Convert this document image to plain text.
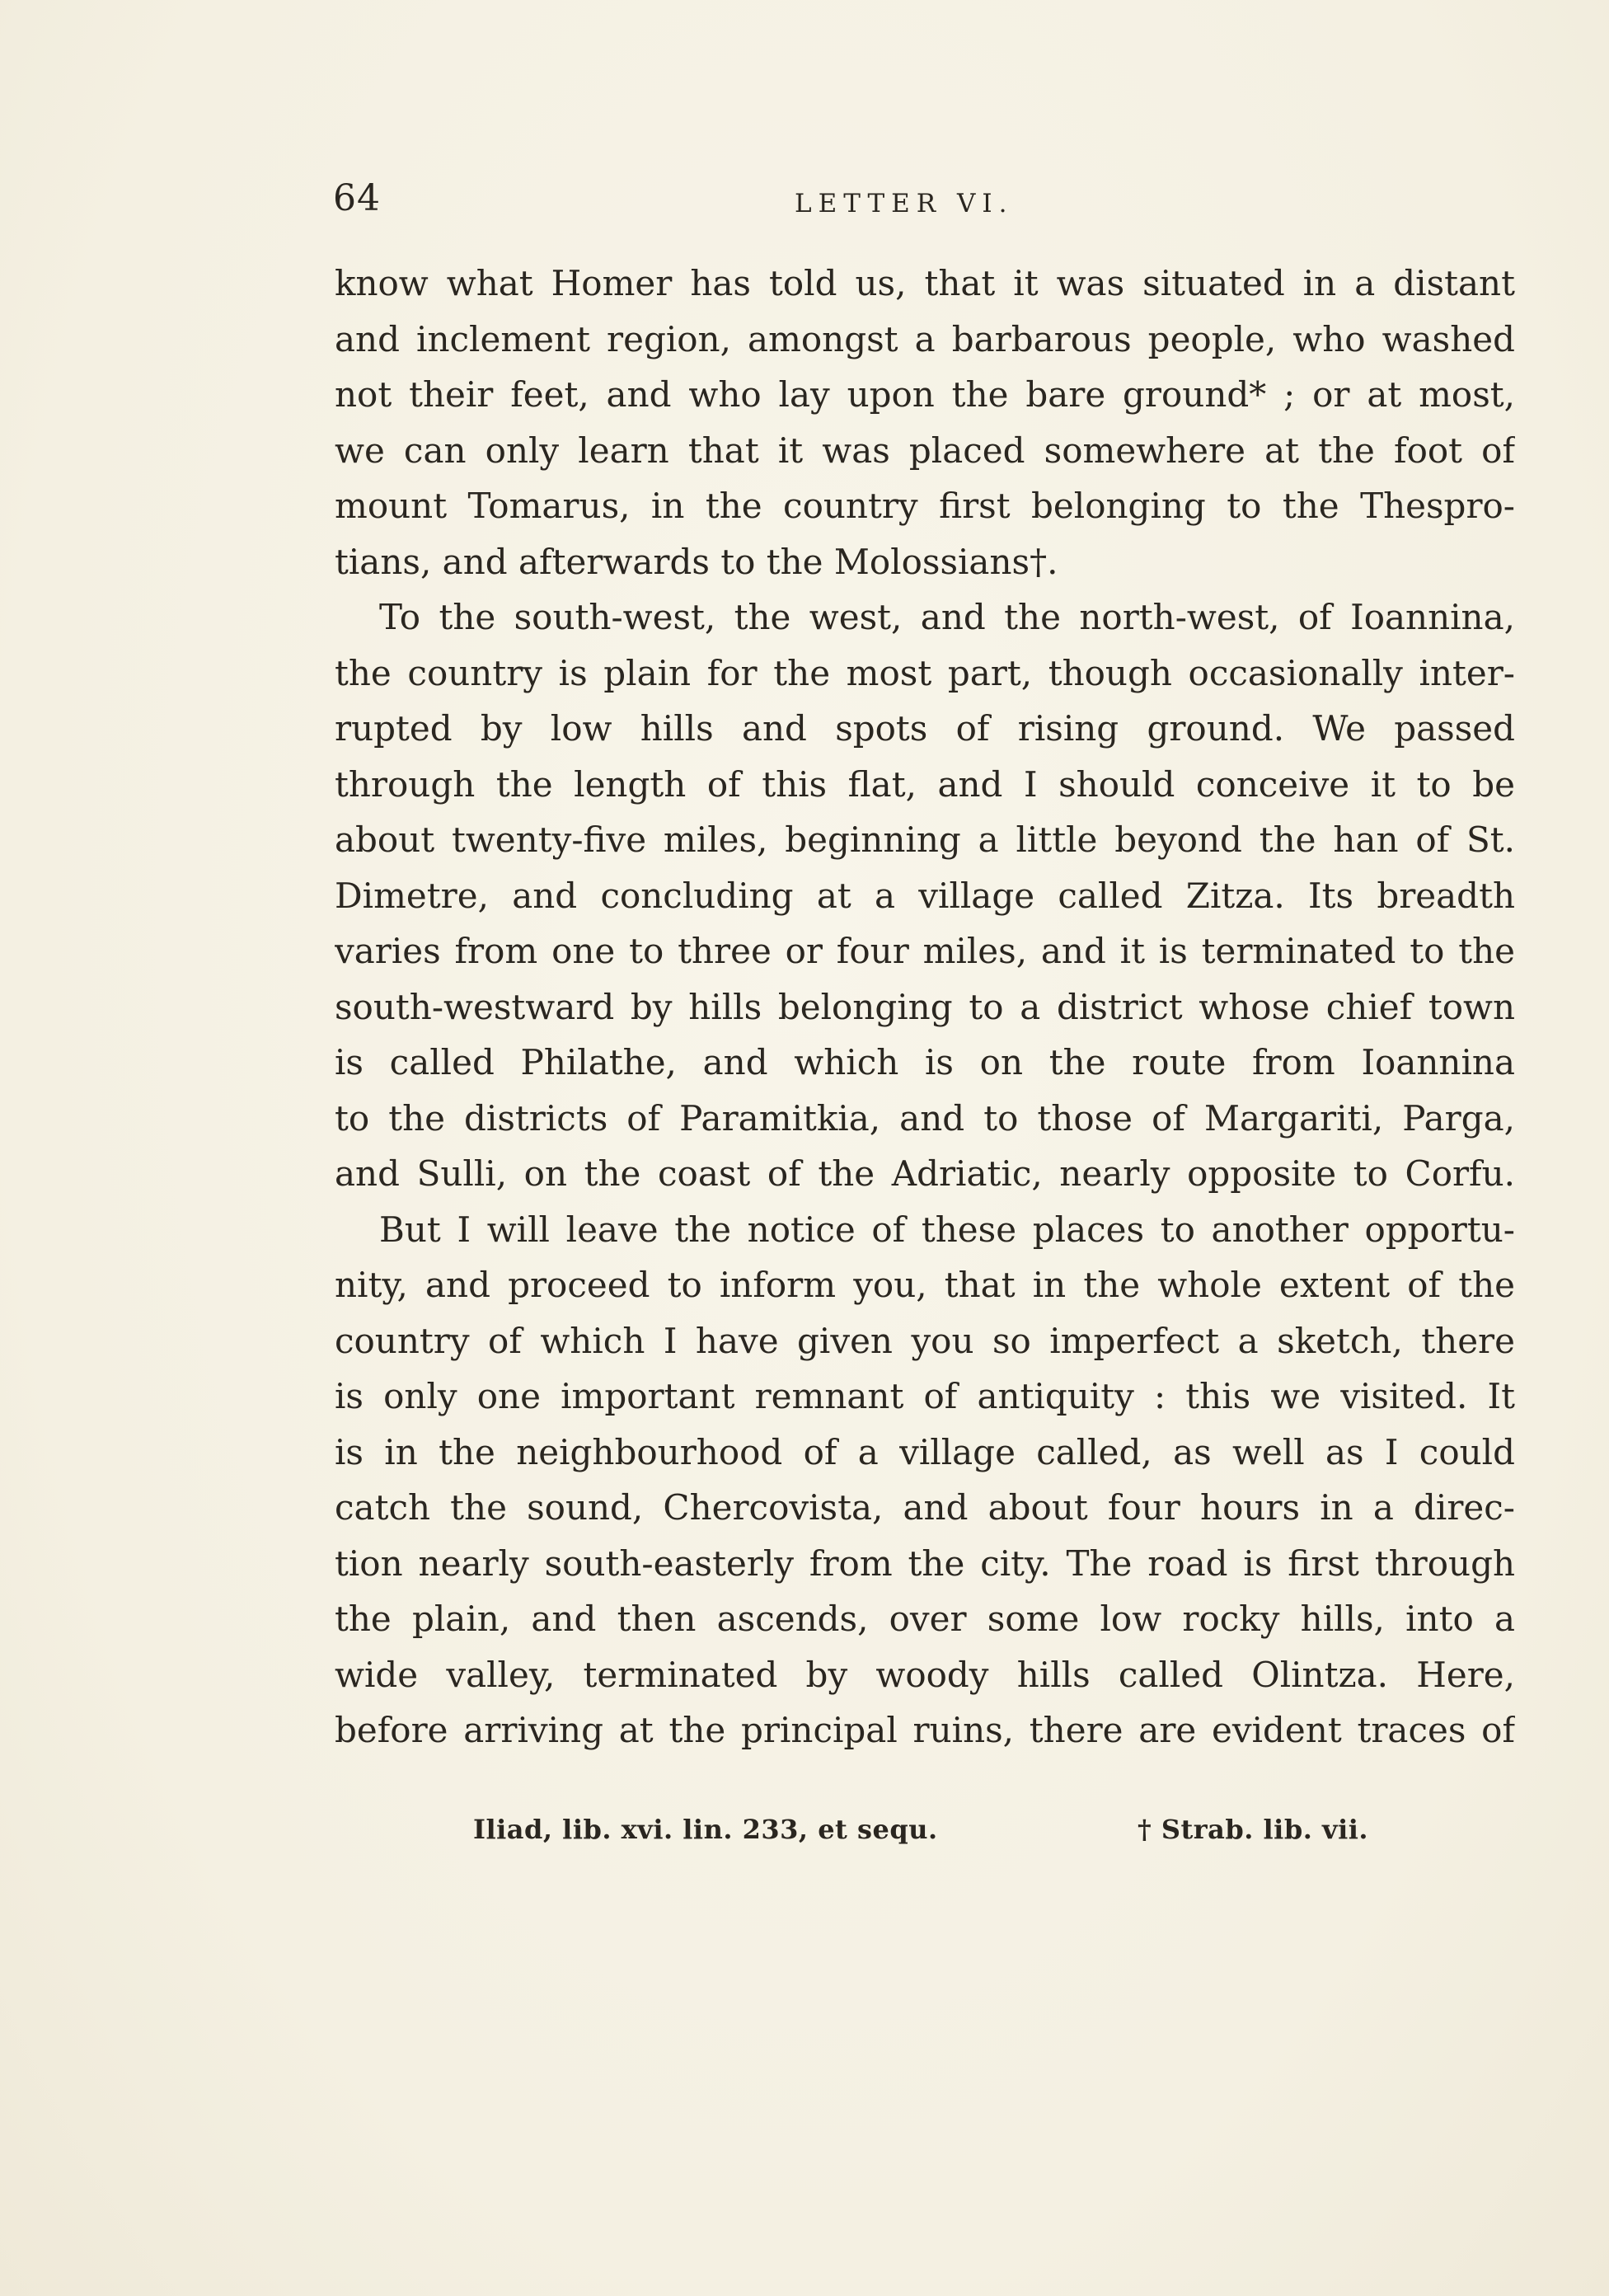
64	LETTER VI.
know what Homer has told us, that it was situated in a distant
and inclement region, amongst a barbarous people, who washed
not their feet, and who lay upon the bare ground* ; or at most,
we can only learn that it was placed somewhere at the foot of
mount Tomarus, in the country first belonging to the Thespro-
tians, and afterwards to the Molossians†.
To the south-west, the west, and the north-west, of Ioannina,
the country is plain for the most part, though occasionally inter-
rupted by low hills and spots of rising ground. We passed
through the length of this flat, and I should conceive it to be
about twenty-five miles, beginning a little beyond the han of St.
Dimetre, and concluding at a village called Zitza. Its breadth
varies from one to three or four miles, and it is terminated to the
south-westward by hills belonging to a district whose chief town
is called Philathe, and which is on the route from Ioannina
to the districts of Paramitkia, and to those of Margariti, Parga,
and Sulli, on the coast of the Adriatic, nearly opposite to Corfu.
But I will leave the notice of these places to another opportu-
nity, and proceed to inform you, that in the whole extent of the
country of which I have given you so imperfect a sketch, there
is only one important remnant of antiquity : this we visited. It
is in the neighbourhood of a village called, as well as I could
catch the sound, Chercovista, and about four hours in a direc-
tion nearly south-easterly from the city. The road is first through
the plain, and then ascends, over some low rocky hills, into a
wide valley, terminated by woody hills called Olintza. Here,
before arriving at the principal ruins, there are evident traces of
Iliad, lib. xvi. lin. 233, et sequ.	† Strab. lib. vii.
